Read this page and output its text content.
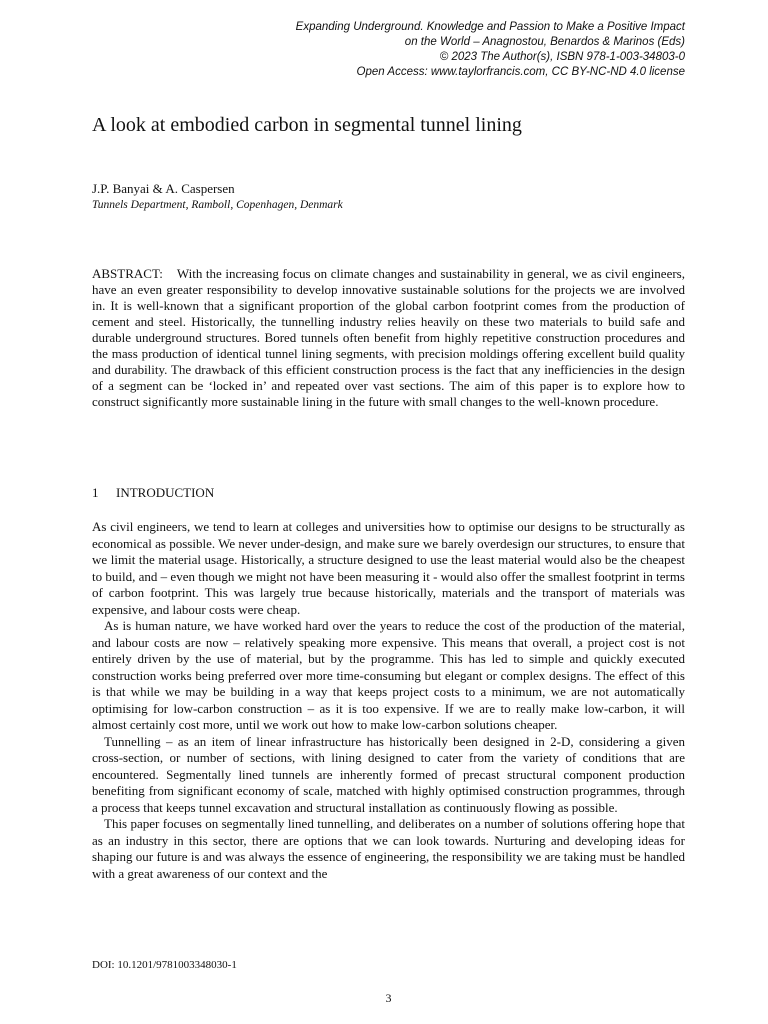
Expanding Underground. Knowledge and Passion to Make a Positive Impact
on the World – Anagnostou, Benardos & Marinos (Eds)
© 2023 The Author(s), ISBN 978-1-003-34803-0
Open Access: www.taylorfrancis.com, CC BY-NC-ND 4.0 license
A look at embodied carbon in segmental tunnel lining
J.P. Banyai & A. Caspersen
Tunnels Department, Ramboll, Copenhagen, Denmark

ABSTRACT: With the increasing focus on climate changes and sustainability in general, we as civil engineers, have an even greater responsibility to develop innovative sustainable solutions for the projects we are involved in. It is well-known that a significant proportion of the global carbon footprint comes from the production of cement and steel. Historically, the tunnelling industry relies heavily on these two materials to build safe and durable underground structures. Bored tunnels often benefit from highly repetitive construction procedures and the mass production of identical tunnel lining segments, with precision moldings offering excellent build quality and durability. The drawback of this efficient construction process is the fact that any inefficiencies in the design of a segment can be ‘locked in’ and repeated over vast sections. The aim of this paper is to explore how to construct significantly more sustainable lining in the future with small changes to the well-known procedure.

1 INTRODUCTION

As civil engineers, we tend to learn at colleges and universities how to optimise our designs to be structurally as economical as possible. We never under-design, and make sure we barely overdesign our structures, to ensure that we limit the material usage. Historically, a structure designed to use the least material would also be the cheapest to build, and – even though we might not have been measuring it - would also offer the smallest footprint in terms of carbon footprint. This was largely true because historically, materials and the transport of materials was expensive, and labour costs were cheap.

As is human nature, we have worked hard over the years to reduce the cost of the production of the material, and labour costs are now – relatively speaking more expensive. This means that overall, a project cost is not entirely driven by the use of material, but by the programme. This has led to simple and quickly executed construction works being preferred over more time-consuming but elegant or complex designs. The effect of this is that while we may be building in a way that keeps project costs to a minimum, we are not automatically optimising for low-carbon construction – as it is too expensive. If we are to really make low-carbon, it will almost certainly cost more, until we work out how to make low-carbon solutions cheaper.

Tunnelling – as an item of linear infrastructure has historically been designed in 2-D, considering a given cross-section, or number of sections, with lining designed to cater from the variety of conditions that are encountered. Segmentally lined tunnels are inherently formed of precast structural component production benefiting from significant economy of scale, matched with highly optimised construction programmes, through a process that keeps tunnel excavation and structural installation as continuously flowing as possible.

This paper focuses on segmentally lined tunnelling, and deliberates on a number of solutions offering hope that as an industry in this sector, there are options that we can look towards. Nurturing and developing ideas for shaping our future is and was always the essence of engineering, the responsibility we are taking must be handled with a great awareness of our context and the

DOI: 10.1201/9781003348030-1
3
